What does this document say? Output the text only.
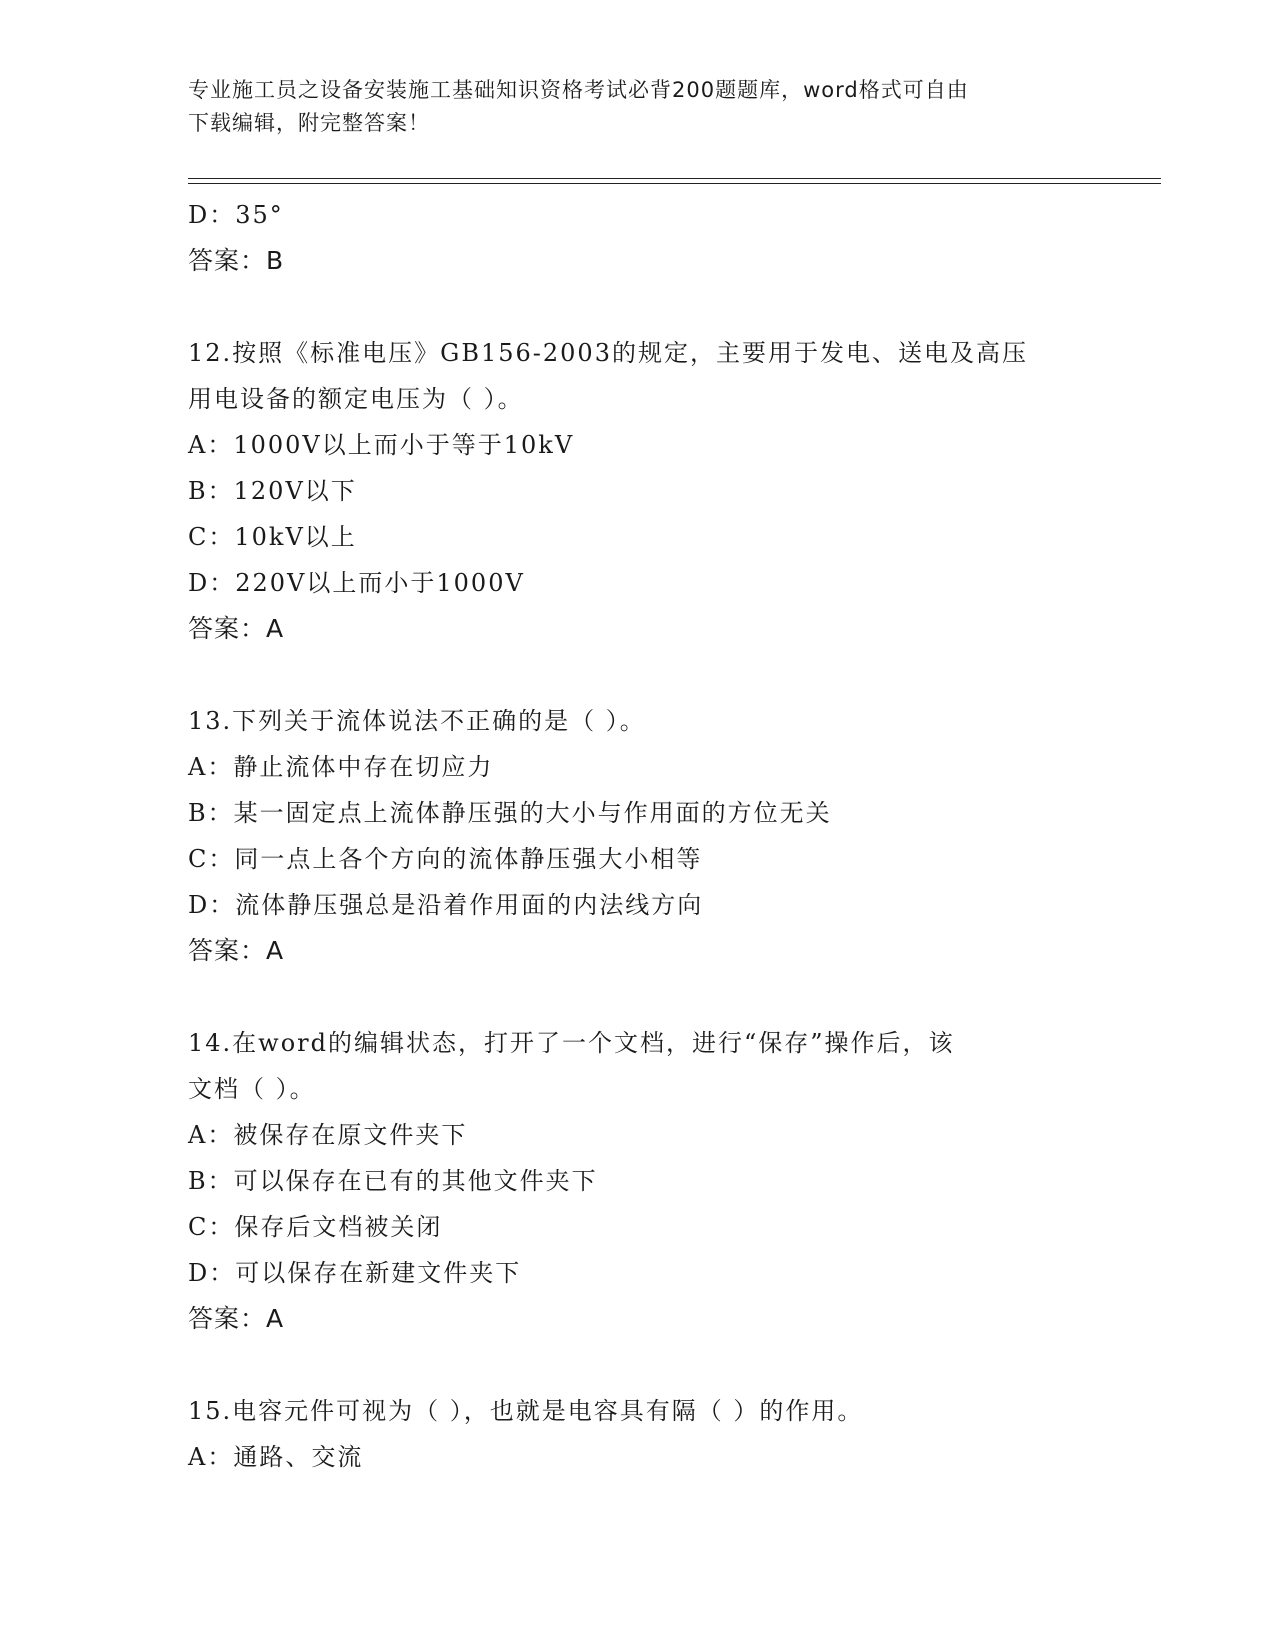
专业施工员之设备安装施工基础知识资格考试必背200题题库，word格式可自由
下载编辑，附完整答案！
D：35°
答案：B
12.按照《标准电压》GB156-2003的规定，主要用于发电、送电及高压
用电设备的额定电压为（ ）。
A：1000V以上而小于等于10kV
B：120V以下
C：10kV以上
D：220V以上而小于1000V
答案：A
13.下列关于流体说法不正确的是（ ）。
A：静止流体中存在切应力
B：某一固定点上流体静压强的大小与作用面的方位无关
C：同一点上各个方向的流体静压强大小相等
D：流体静压强总是沿着作用面的内法线方向
答案：A
14.在word的编辑状态，打开了一个文档，进行“保存”操作后，该
文档（ ）。
A：被保存在原文件夹下
B：可以保存在已有的其他文件夹下
C：保存后文档被关闭
D：可以保存在新建文件夹下
答案：A
15.电容元件可视为（ ），也就是电容具有隔（ ）的作用。
A：通路、交流
